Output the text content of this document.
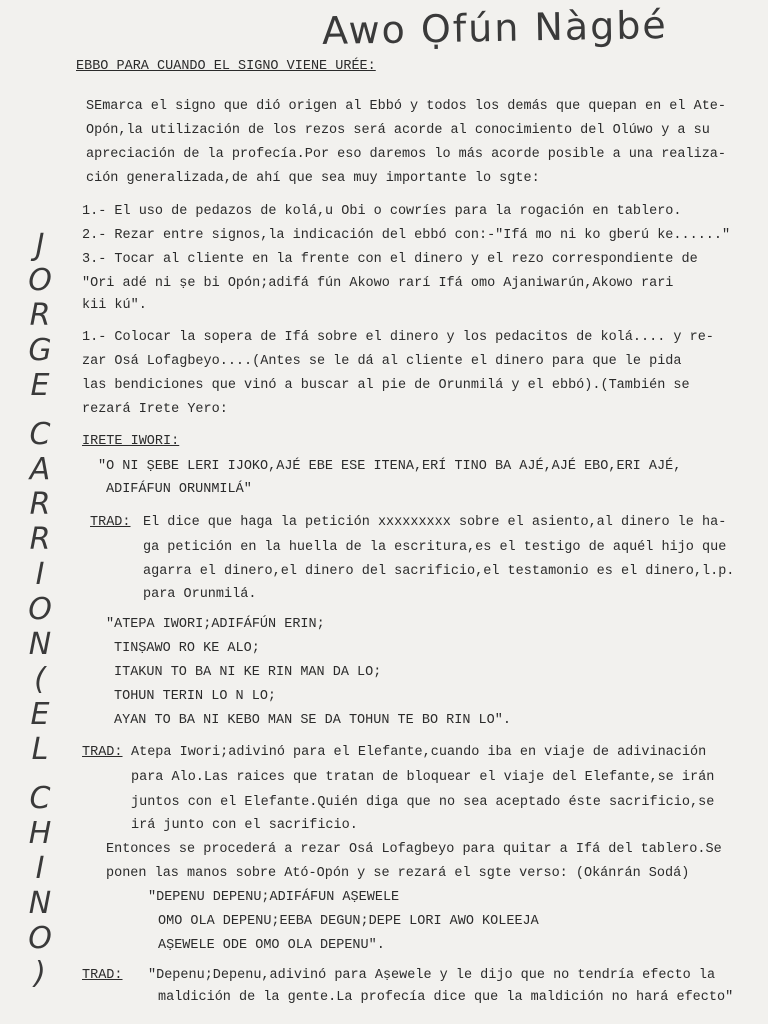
Awo Ọfún Nàgbé
EBBO PARA CUANDO EL SIGNO VIENE URÉE:
SEmarca el signo que dió origen al Ebbó y todos los demás que quepan en el Ate-
Opón,la utilización de los rezos será acorde al conocimiento del Olúwo y a su
apreciación de la profecía.Por eso daremos lo más acorde posible a una realiza-
ción generalizada,de ahí que sea muy importante lo sgte:
1.- El uso de pedazos de kolá,u Obi o cowríes para la rogación en tablero.
2.- Rezar entre signos,la indicación del ebbó con:-"Ifá mo ni ko gberú ke......"
3.- Tocar al cliente en la frente con el dinero y el rezo correspondiente de
"Ori adé ni ṣe bi Opón;adifá fún Akowo rarí Ifá omo Ajaniwarún,Akowo rari
kii kú".
1.- Colocar la sopera de Ifá sobre el dinero y los pedacitos de kolá.... y re-
zar Osá Lofagbeyo....(Antes se le dá al cliente el dinero para que le pida
las bendiciones que vinó a buscar al pie de Orunmilá y el ebbó).(También se
rezará Irete Yero:
IRETE IWORI:
"O NI ṢEBE LERI IJOKO,AJÉ EBE ESE ITENA,ERÍ TINO BA AJÉ,AJÉ EBO,ERI AJÉ,
ADIFÁFUN ORUNMILÁ"
TRAD: El dice que haga la petición xxxxxxxxx sobre el asiento,al dinero le ha-
ga petición en la huella de la escritura,es el testigo de aquél hijo que
agarra el dinero,el dinero del sacrificio,el testamonio es el dinero,l.p.
para Orunmilá.
"ATEPA IWORI;ADIFÁFÚN ERIN;
TINṢAWO RO KE ALO;
ITAKUN TO BA NI KE RIN MAN DA LO;
TOHUN TERIN LO N LO;
AYAN TO BA NI KEBO MAN SE DA TOHUN TE BO RIN LO".
TRAD: Atepa Iwori;adivinó para el Elefante,cuando iba en viaje de adivinación
para Alo.Las raices que tratan de bloquear el viaje del Elefante,se irán
juntos con el Elefante.Quién diga que no sea aceptado éste sacrificio,se
irá junto con el sacrificio.
Entonces se procederá a rezar Osá Lofagbeyo para quitar a Ifá del tablero.Se
ponen las manos sobre Ató-Opón y se rezará el sgte verso: (Okánrán Sodá)
"DEPENU DEPENU;ADIFÁFUN AṢEWELE
OMO OLA DEPENU;EEBA DEGUN;DEPE LORI AWO KOLEEJA
AṢEWELE ODE OMO OLA DEPENU".
TRAD: "Depenu;Depenu,adivinó para Aṣewele y le dijo que no tendría efecto la
maldición de la gente.La profecía dice que la maldición no hará efecto"
J
O
R
G
E
C
A
R
R
I
O
N
(
E
L
C
H
I
N
O
)
